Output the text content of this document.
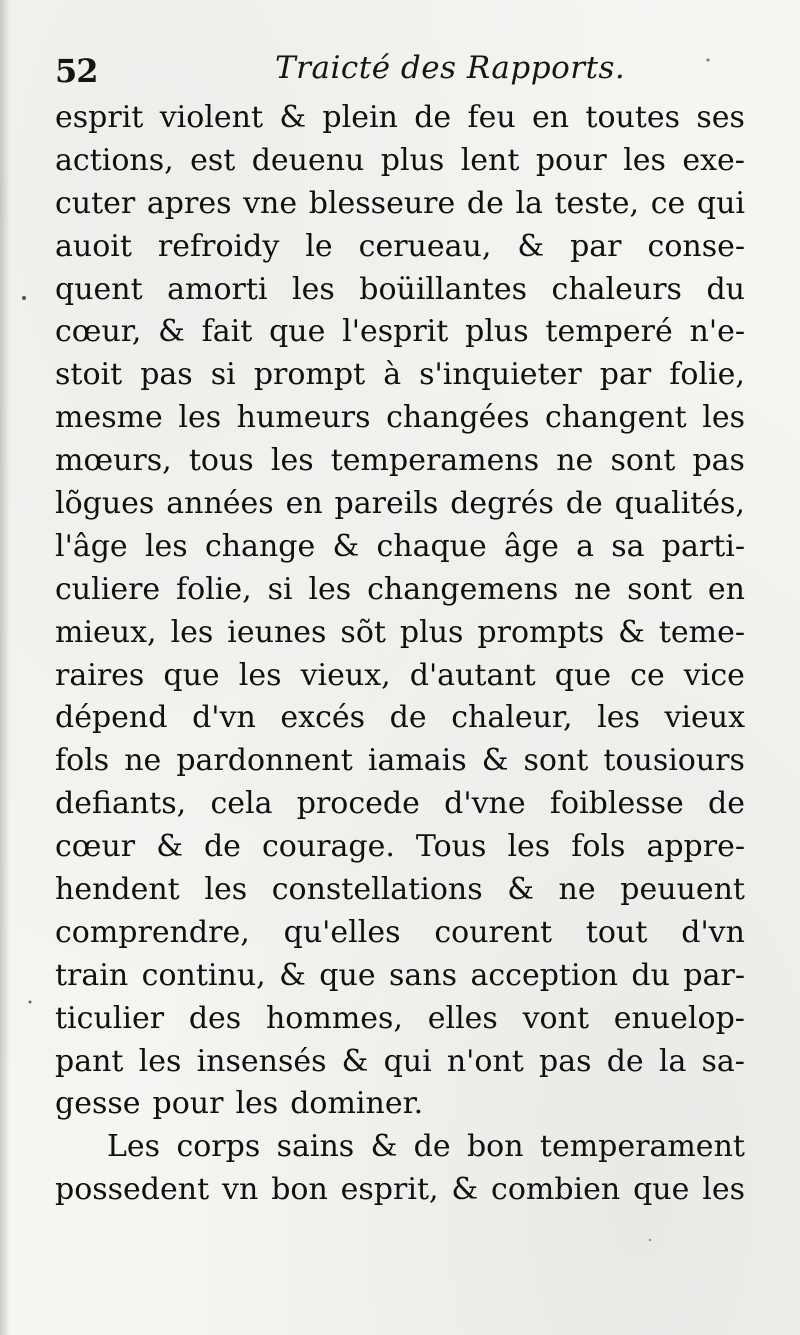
52	Traicté des Rapports.
esprit violent & plein de feu en toutes ses
actions, est deuenu plus lent pour les exe-
cuter apres vne blesseure de la teste, ce qui
auoit refroidy le cerueau, & par conse-
quent amorti les boüillantes chaleurs du
cœur, & fait que l'esprit plus temperé n'e-
stoit pas si prompt à s'inquieter par folie,
mesme les humeurs changées changent les
mœurs, tous les temperamens ne sont pas
lõgues années en pareils degrés de qualités,
l'âge les change & chaque âge a sa parti-
culiere folie, si les changemens ne sont en
mieux, les ieunes sõt plus prompts & teme-
raires que les vieux, d'autant que ce vice
dépend d'vn excés de chaleur, les vieux
fols ne pardonnent iamais & sont tousiours
defiants, cela procede d'vne foiblesse de
cœur & de courage. Tous les fols appre-
hendent les constellations & ne peuuent
comprendre, qu'elles courent tout d'vn
train continu, & que sans acception du par-
ticulier des hommes, elles vont enuelop-
pant les insensés & qui n'ont pas de la sa-
gesse pour les dominer.
Les corps sains & de bon temperament
possedent vn bon esprit, & combien que les
